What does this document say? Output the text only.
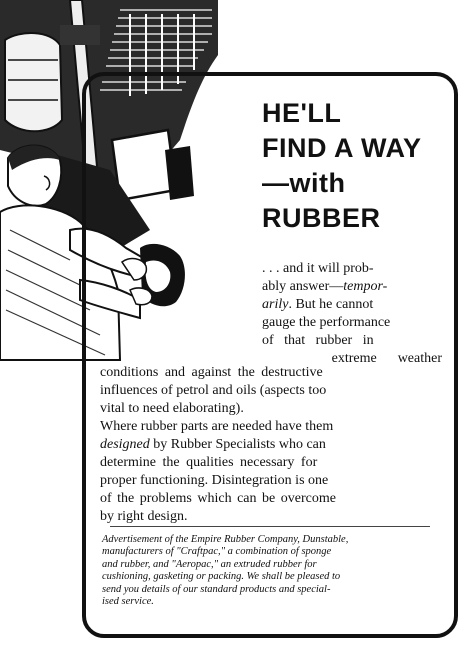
HE'LL
FIND A WAY
—with
RUBBER
. . . and it will prob-
ably answer—tempor-
arily. But he cannot
gauge the performance
of   that   rubber   in
extreme      weather
conditions and against the destructive
influences of petrol and oils (aspects too
vital to need elaborating).
Where rubber parts are needed have them
designed by Rubber Specialists who can
determine the qualities necessary for
proper functioning. Disintegration is one
of the problems which can be overcome
by right design.
Advertisement of the Empire Rubber Company, Dunstable,
manufacturers of "Craftpac," a combination of sponge
and rubber, and "Aeropac," an extruded rubber for
cushioning, gasketing or packing. We shall be pleased to
send you details of our standard products and special-
ised service.
